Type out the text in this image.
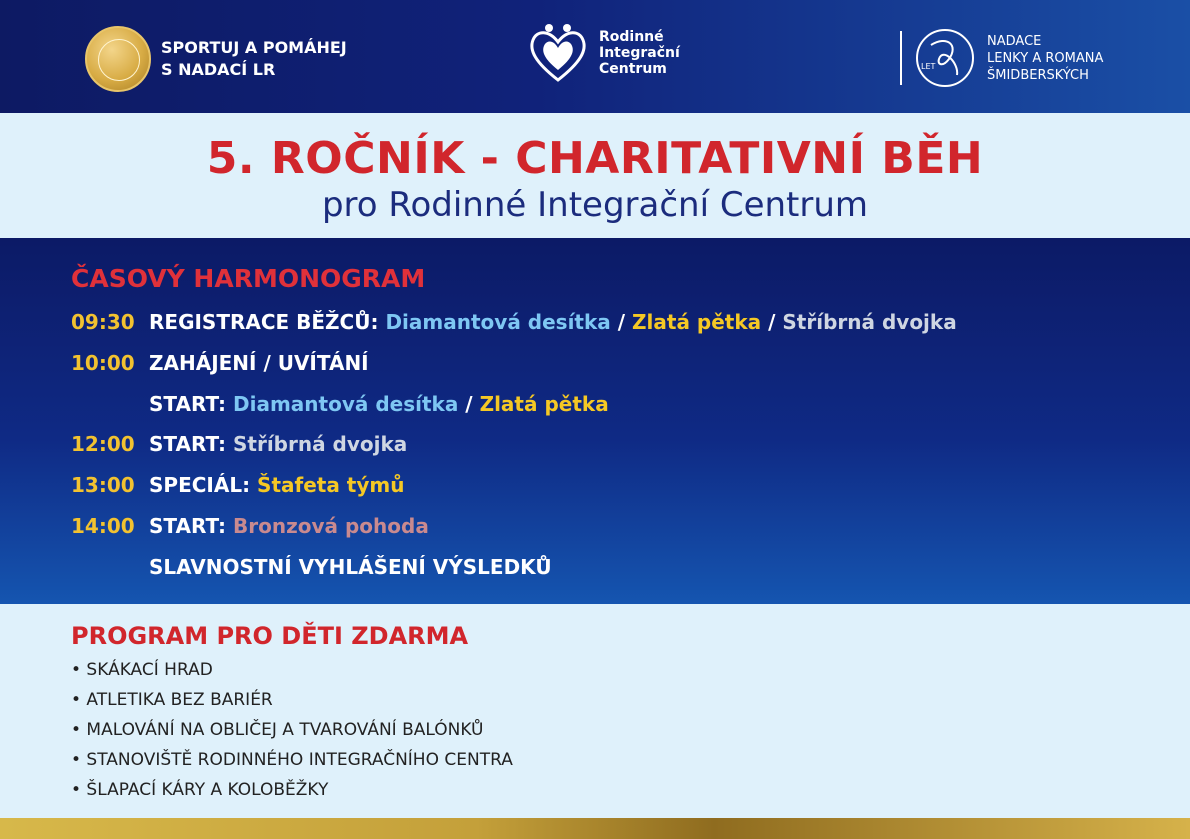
SPORTUJ A POMÁHEJ
S NADACÍ LR
Rodinné
Integrační
Centrum	LET
NADACE
LENKY A ROMANA
ŠMIDBERSKÝCH
5. ROČNÍK - CHARITATIVNÍ BĚH
pro Rodinné Integrační Centrum
ČASOVÝ HARMONOGRAM
09:30 REGISTRACE BĚŽCŮ:
Diamantová desítka
/
Zlatá pětka
/
Stříbrná dvojka
10:00 ZAHÁJENÍ / UVÍTÁNÍ
START:
Diamantová desítka
/
Zlatá pětka
12:00 START:
Stříbrná dvojka
13:00 SPECIÁL:
Štafeta týmů
14:00 START:
Bronzová pohoda
SLAVNOSTNÍ VYHLÁŠENÍ VÝSLEDKŮ
PROGRAM PRO DĚTI ZDARMA
• SKÁKACÍ HRAD
• ATLETIKA BEZ BARIÉR
• MALOVÁNÍ NA OBLIČEJ A TVAROVÁNÍ BALÓNKŮ
• STANOVIŠTĚ RODINNÉHO INTEGRAČNÍHO CENTRA
• ŠLAPACÍ KÁRY A KOLOBĚŽKY
